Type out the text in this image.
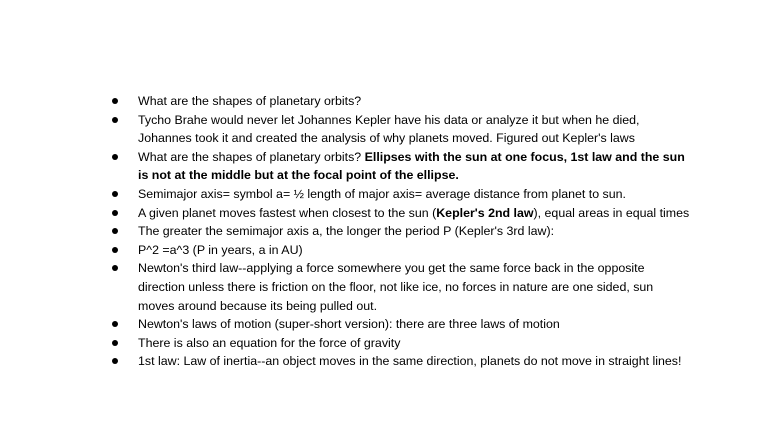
What are the shapes of planetary orbits?
Tycho Brahe would never let Johannes Kepler have his data or analyze it but when he died, Johannes took it and created the analysis of why planets moved. Figured out Kepler's laws
What are the shapes of planetary orbits? Ellipses with the sun at one focus, 1st law and the sun is not at the middle but at the focal point of the ellipse.
Semimajor axis= symbol a= ½ length of major axis= average distance from planet to sun.
A given planet moves fastest when closest to the sun (Kepler's 2nd law), equal areas in equal times
The greater the semimajor axis a, the longer the period P (Kepler's 3rd law):
P^2 =a^3 (P in years, a in AU)
Newton's third law--applying a force somewhere you get the same force back in the opposite direction unless there is friction on the floor, not like ice, no forces in nature are one sided, sun moves around because its being pulled out.
Newton's laws of motion (super-short version): there are three laws of motion
There is also an equation for the force of gravity
1st law: Law of inertia--an object moves in the same direction, planets do not move in straight lines!
